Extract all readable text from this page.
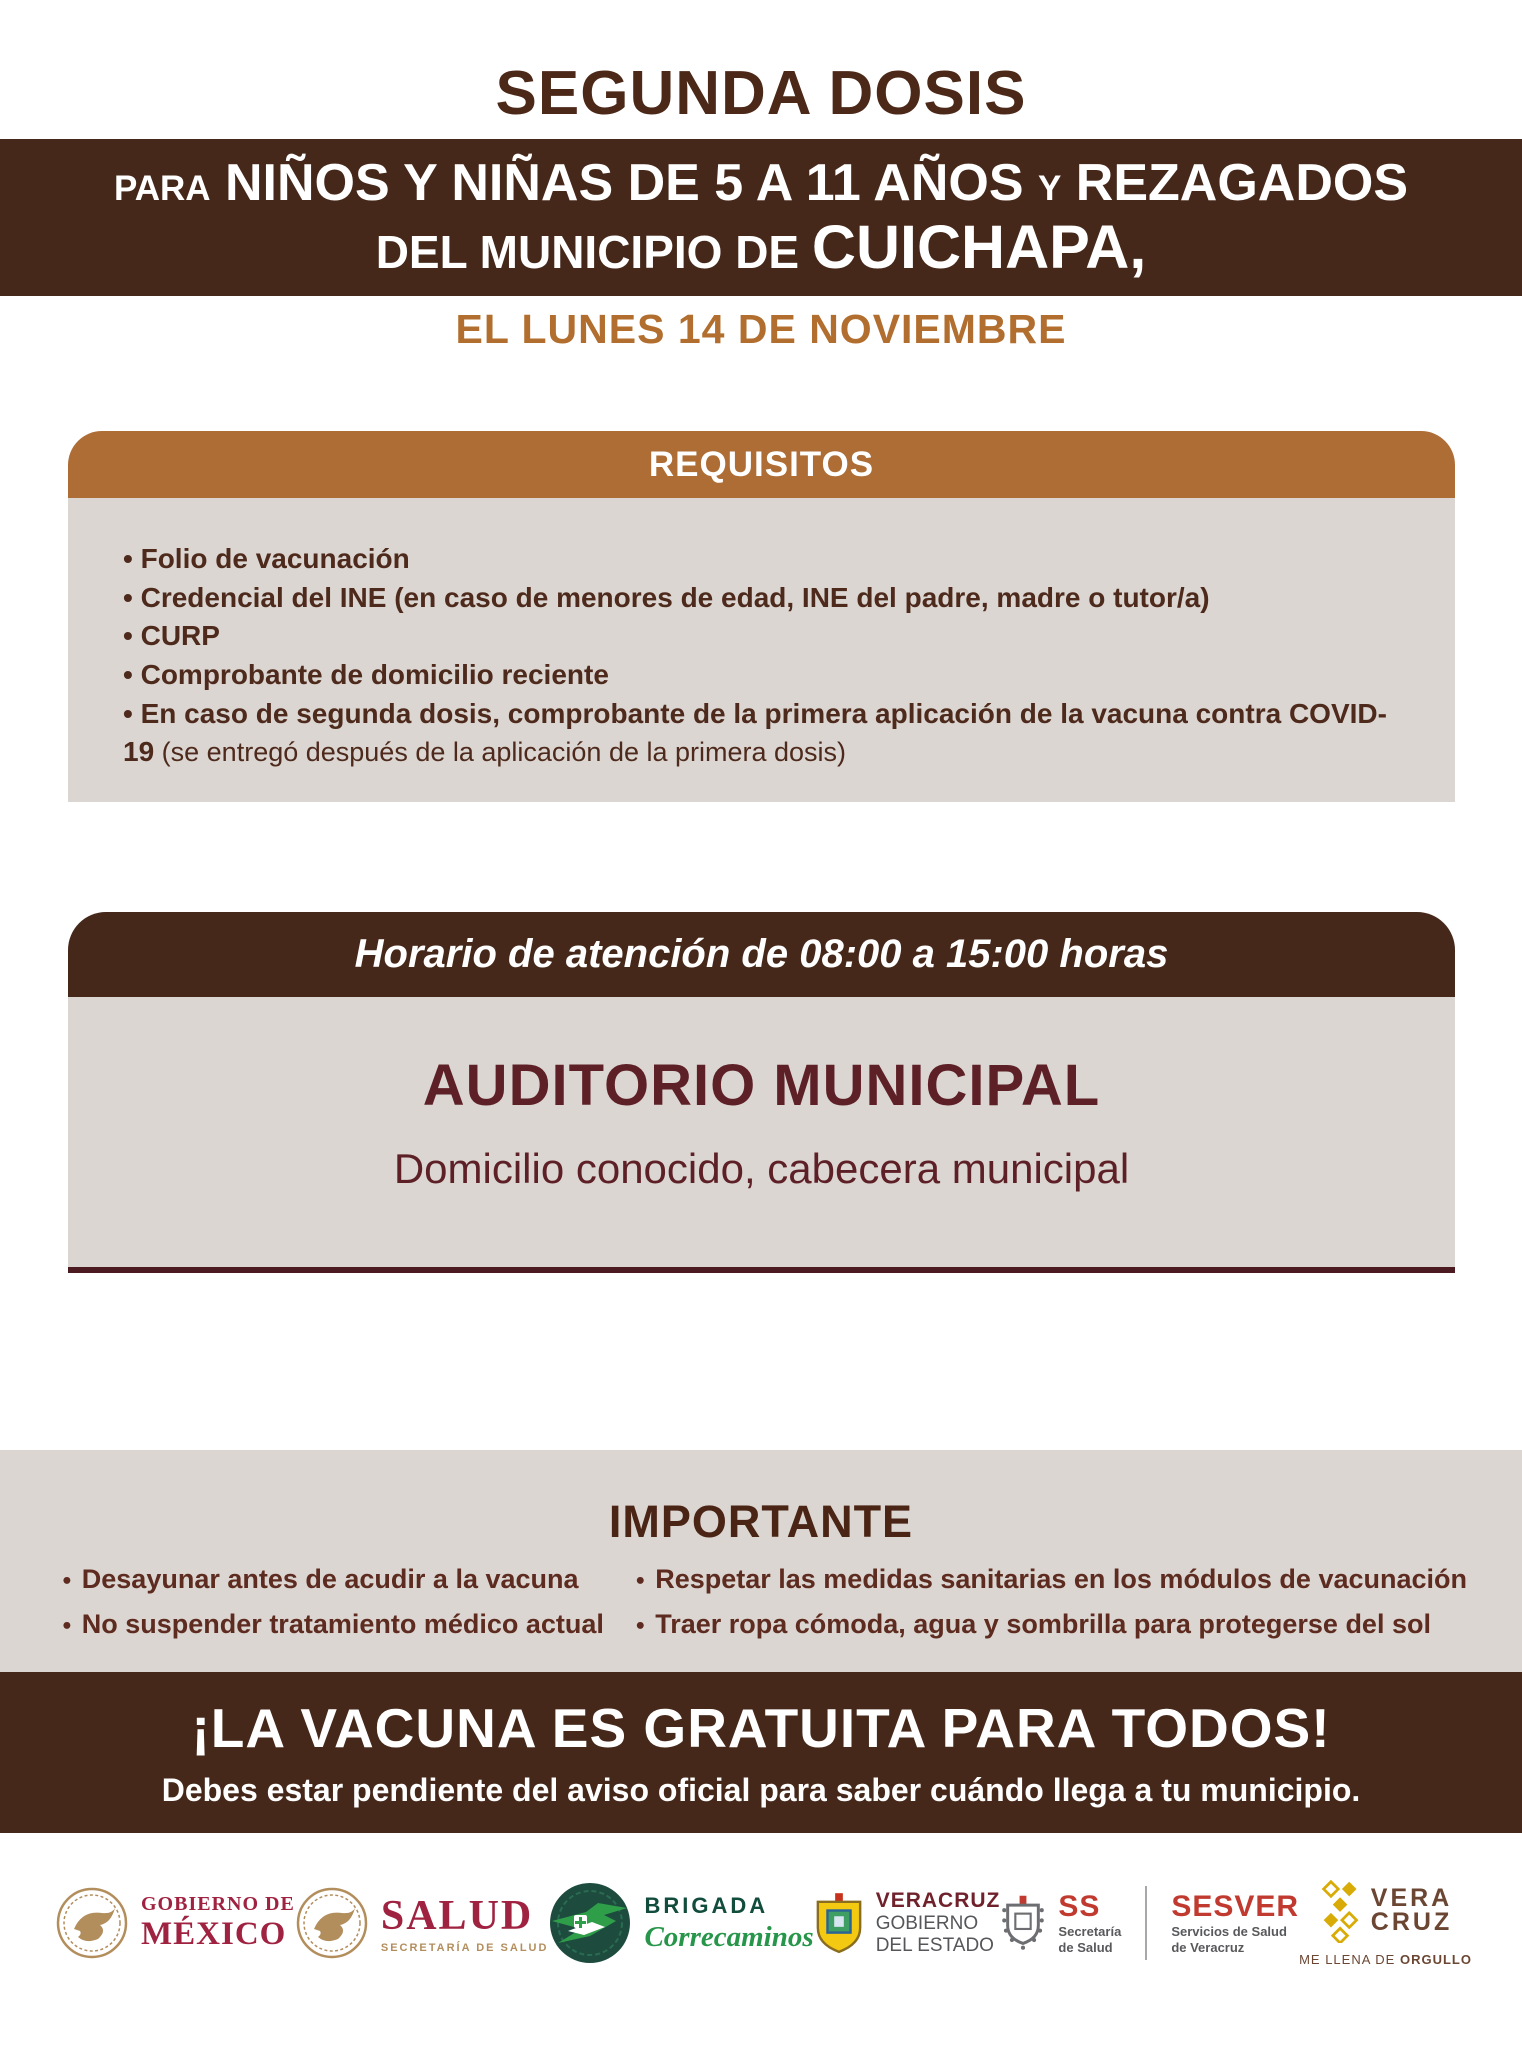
SEGUNDA DOSIS
PARA NIÑOS Y NIÑAS DE 5 A 11 AÑOS Y REZAGADOS
DEL MUNICIPIO DE CUICHAPA,
EL LUNES 14 DE NOVIEMBRE
REQUISITOS
• Folio de vacunación
• Credencial del INE (en caso de menores de edad, INE del padre, madre o tutor/a)
• CURP
• Comprobante de domicilio reciente
• En caso de segunda dosis, comprobante de la primera aplicación de la vacuna contra COVID-19 (se entregó después de la aplicación de la primera dosis)
Horario de atención de 08:00 a 15:00 horas
AUDITORIO MUNICIPAL
Domicilio conocido, cabecera municipal
IMPORTANTE
● Desayunar antes de acudir a la vacuna
● No suspender tratamiento médico actual
● Respetar las medidas sanitarias en los módulos de vacunación
● Traer ropa cómoda, agua y sombrilla para protegerse del sol
¡LA VACUNA ES GRATUITA PARA TODOS!
Debes estar pendiente del aviso oficial para saber cuándo llega a tu municipio.
GOBIERNO DE
MÉXICO SALUD
SECRETARÍA DE SALUD
BRIGADA
Correcaminos
VERACRUZ
GOBIERNO
DEL ESTADO
SS
Secretaría
de Salud
SESVER
Servicios de Salud
de Veracruz
VERA
CRUZ
ME LLENA DE ORGULLO
